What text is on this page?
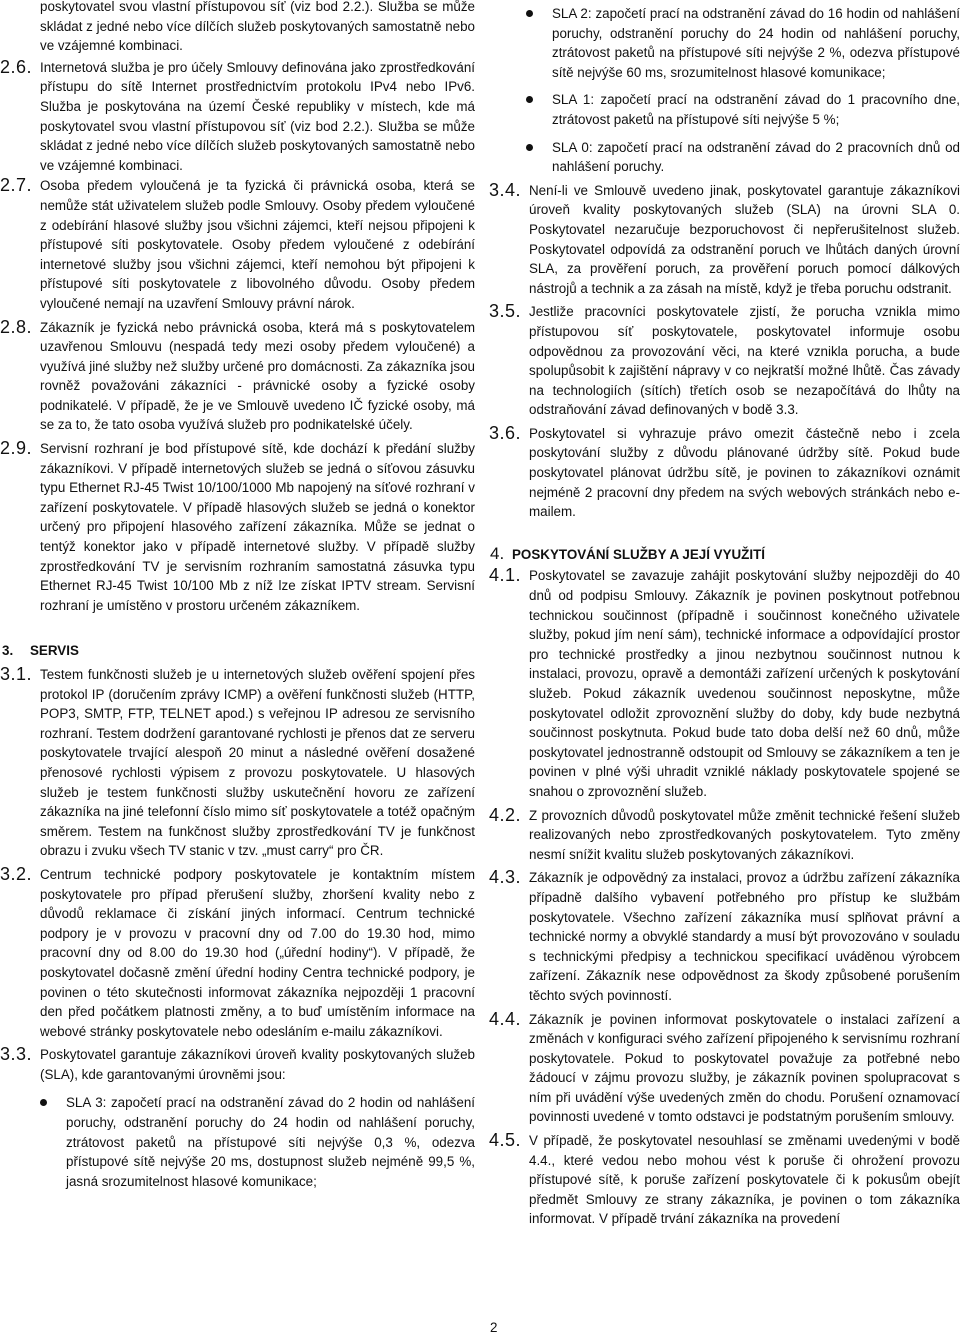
poskytovatel svou vlastní přístupovou síť (viz bod 2.2.). Služba se může skládat z jedné nebo více dílčích služeb poskytovaných samostatně nebo ve vzájemné kombinaci.
2.6. Internetová služba je pro účely Smlouvy definována jako zprostředkování přístupu do sítě Internet prostřednictvím protokolu IPv4 nebo IPv6. Služba je poskytována na území České republiky v místech, kde má poskytovatel svou vlastní přístupovou síť (viz bod 2.2.). Služba se může skládat z jedné nebo více dílčích služeb poskytovaných samostatně nebo ve vzájemné kombinaci.
2.7. Osoba předem vyloučená je ta fyzická či právnická osoba, která se nemůže stát uživatelem služeb podle Smlouvy. Osoby předem vyloučené z odebírání hlasové služby jsou všichni zájemci, kteří nejsou připojeni k přístupové síti poskytovatele. Osoby předem vyloučené z odebírání internetové služby jsou všichni zájemci, kteří nemohou být připojeni k přístupové síti poskytovatele z libovolného důvodu. Osoby předem vyloučené nemají na uzavření Smlouvy právní nárok.
2.8. Zákazník je fyzická nebo právnická osoba, která má s poskytovatelem uzavřenou Smlouvu (nespadá tedy mezi osoby předem vyloučené) a využívá jiné služby než služby určené pro domácnosti. Za zákazníka jsou rovněž považováni zákazníci - právnické osoby a fyzické osoby podnikatelé. V případě, že je ve Smlouvě uvedeno IČ fyzické osoby, má se za to, že tato osoba využívá služeb pro podnikatelské účely.
2.9. Servisní rozhraní je bod přístupové sítě, kde dochází k předání služby zákazníkovi. V případě internetových služeb se jedná o síťovou zásuvku typu Ethernet RJ-45 Twist 10/100/1000 Mb napojený na síťové rozhraní v zařízení poskytovatele. V případě hlasových služeb se jedná o konektor určený pro připojení hlasového zařízení zákazníka. Může se jednat o tentýž konektor jako v případě internetové služby. V případě služby zprostředkování TV je servisním rozhraním samostatná zásuvka typu Ethernet RJ-45 Twist 10/100 Mb z níž lze získat IPTV stream. Servisní rozhraní je umístěno v prostoru určeném zákazníkem.
3. SERVIS
3.1. Testem funkčnosti služeb je u internetových služeb ověření spojení přes protokol IP (doručením zprávy ICMP) a ověření funkčnosti služeb (HTTP, POP3, SMTP, FTP, TELNET apod.) s veřejnou IP adresou ze servisního rozhraní. Testem dodržení garantované rychlosti je přenos dat ze serveru poskytovatele trvající alespoň 20 minut a následné ověření dosažené přenosové rychlosti výpisem z provozu poskytovatele. U hlasových služeb je testem funkčnosti služby uskutečnění hovoru ze zařízení zákazníka na jiné telefonní číslo mimo síť poskytovatele a totéž opačným směrem. Testem na funkčnost služby zprostředkování TV je funkčnost obrazu i zvuku všech TV stanic v tzv. „must carry“ pro ČR.
3.2. Centrum technické podpory poskytovatele je kontaktním místem poskytovatele pro případ přerušení služby, zhoršení kvality nebo z důvodů reklamace či získání jiných informací. Centrum technické podpory je v provozu v pracovní dny od 7.00 do 19.30 hod, mimo pracovní dny od 8.00 do 19.30 hod („úřední hodiny“). V případě, že poskytovatel dočasně změní úřední hodiny Centra technické podpory, je povinen o této skutečnosti informovat zákazníka nejpozději 1 pracovní den před počátkem platnosti změny, a to buď umístěním informace na webové stránky poskytovatele nebo odesláním e-mailu zákazníkovi.
3.3. Poskytovatel garantuje zákazníkovi úroveň kvality poskytovaných služeb (SLA), kde garantovanými úrovněmi jsou:
SLA 3: započetí prací na odstranění závad do 2 hodin od nahlášení poruchy, odstranění poruchy do 24 hodin od nahlášení poruchy, ztrátovost paketů na přístupové síti nejvýše 0,3 %, odezva přístupové sítě nejvýše 20 ms, dostupnost služeb nejméně 99,5 %, jasná srozumitelnost hlasové komunikace;
SLA 2: započetí prací na odstranění závad do 16 hodin od nahlášení poruchy, odstranění poruchy do 24 hodin od nahlášení poruchy, ztrátovost paketů na přístupové síti nejvýše 2 %, odezva přístupové sítě nejvýše 60 ms, srozumitelnost hlasové komunikace;
SLA 1: započetí prací na odstranění závad do 1 pracovního dne, ztrátovost paketů na přístupové síti nejvýše 5 %;
SLA 0: započetí prací na odstranění závad do 2 pracovních dnů od nahlášení poruchy.
3.4. Není-li ve Smlouvě uvedeno jinak, poskytovatel garantuje zákazníkovi úroveň kvality poskytovaných služeb (SLA) na úrovni SLA 0. Poskytovatel nezaručuje bezporuchovost či nepřerušitelnost služeb. Poskytovatel odpovídá za odstranění poruch ve lhůtách daných úrovní SLA, za prověření poruch, za prověření poruch pomocí dálkových nástrojů a technik a za zásah na místě, když je třeba poruchu odstranit.
3.5. Jestliže pracovníci poskytovatele zjistí, že porucha vznikla mimo přístupovou síť poskytovatele, poskytovatel informuje osobu odpovědnou za provozování věci, na které vznikla porucha, a bude spolupůsobit k zajištění nápravy v co nejkratší možné lhůtě. Čas závady na technologiích (sítích) třetích osob se nezapočítává do lhůty na odstraňování závad definovaných v bodě 3.3.
3.6. Poskytovatel si vyhrazuje právo omezit částečně nebo i zcela poskytování služby z důvodu plánované údržby sítě. Pokud bude poskytovatel plánovat údržbu sítě, je povinen to zákazníkovi oznámit nejméně 2 pracovní dny předem na svých webových stránkách nebo e-mailem.
4. POSKYTOVÁNÍ SLUŽBY A JEJÍ VYUŽITÍ
4.1. Poskytovatel se zavazuje zahájit poskytování služby nejpozději do 40 dnů od podpisu Smlouvy. Zákazník je povinen poskytnout potřebnou technickou součinnost (případně i součinnost konečného uživatele služby, pokud jím není sám), technické informace a odpovídající prostor pro technické prostředky a jinou nezbytnou součinnost nutnou k instalaci, provozu, opravě a demontáži zařízení určených k poskytování služeb. Pokud zákazník uvedenou součinnost neposkytne, může poskytovatel odložit zprovoznění služby do doby, kdy bude nezbytná součinnost poskytnuta. Pokud bude tato doba delší než 60 dnů, může poskytovatel jednostranně odstoupit od Smlouvy se zákazníkem a ten je povinen v plné výši uhradit vzniklé náklady poskytovatele spojené se snahou o zprovoznění služeb.
4.2. Z provozních důvodů poskytovatel může změnit technické řešení služeb realizovaných nebo zprostředkovaných poskytovatelem. Tyto změny nesmí snížit kvalitu služeb poskytovaných zákazníkovi.
4.3. Zákazník je odpovědný za instalaci, provoz a údržbu zařízení zákazníka případně dalšího vybavení potřebného pro přístup ke službám poskytovatele. Všechno zařízení zákazníka musí splňovat právní a technické normy a obvyklé standardy a musí být provozováno v souladu s technickými předpisy a technickou specifikací uváděnou výrobcem zařízení. Zákazník nese odpovědnost za škody způsobené porušením těchto svých povinností.
4.4. Zákazník je povinen informovat poskytovatele o instalaci zařízení a změnách v konfiguraci svého zařízení připojeného k servisnímu rozhraní poskytovatele. Pokud to poskytovatel považuje za potřebné nebo žádoucí v zájmu provozu služby, je zákazník povinen spolupracovat s ním při uvádění výše uvedených změn do chodu. Porušení oznamovací povinnosti uvedené v tomto odstavci je podstatným porušením smlouvy.
4.5. V případě, že poskytovatel nesouhlasí se změnami uvedenými v bodě 4.4., které vedou nebo mohou vést k poruše či ohrožení provozu přístupové sítě, k poruše zařízení poskytovatele či k pokusům obejít předmět Smlouvy ze strany zákazníka, je povinen o tom zákazníka informovat. V případě trvání zákazníka na provedení
2
